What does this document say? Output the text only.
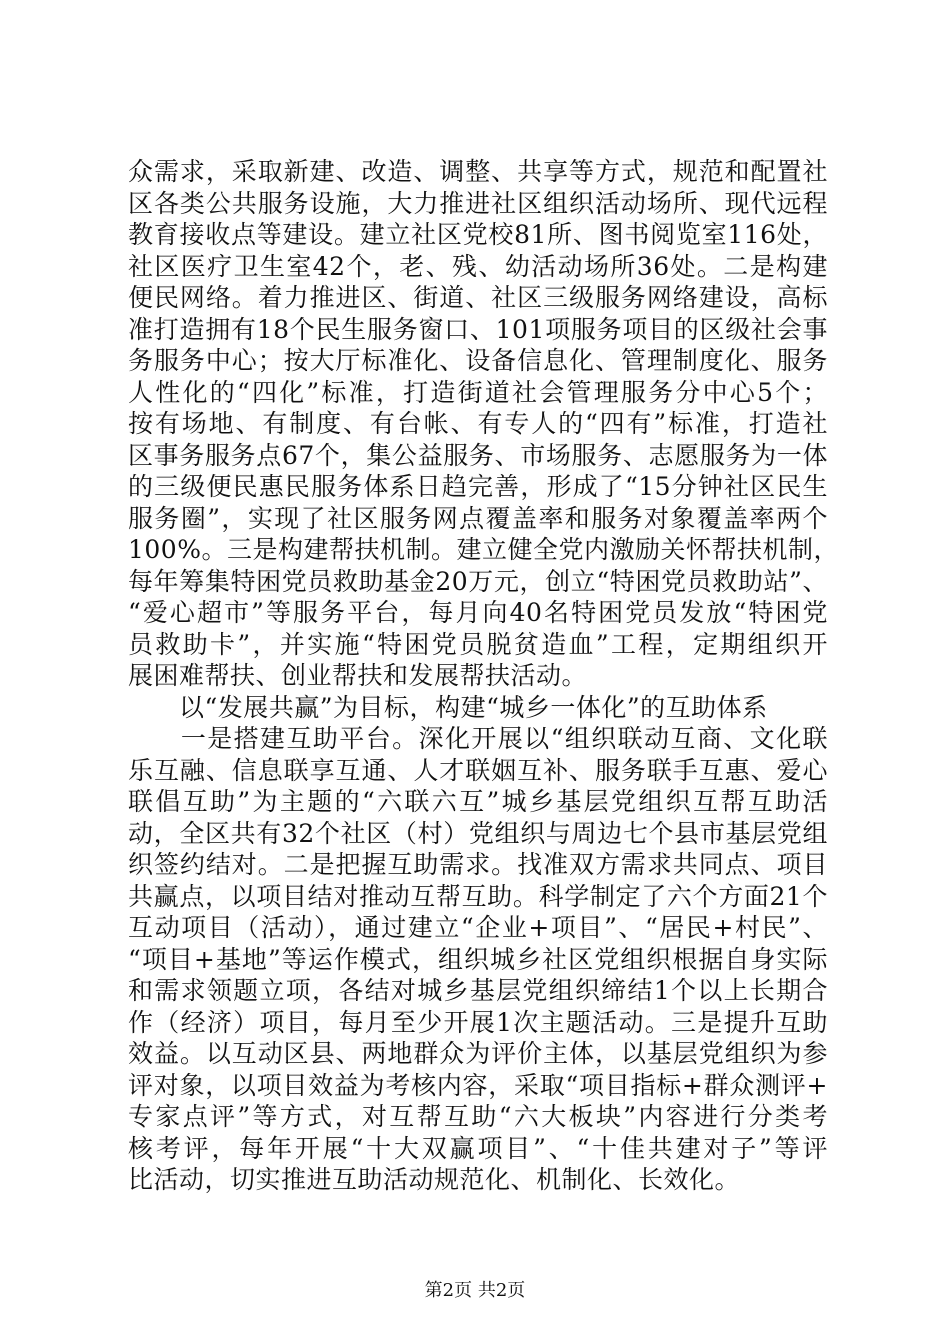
众需求，采取新建、改造、调整、共享等方式，规范和配置社
区各类公共服务设施，大力推进社区组织活动场所、现代远程
教育接收点等建设。建立社区党校81所、图书阅览室116处，
社区医疗卫生室42个，老、残、幼活动场所36处。二是构建
便民网络。着力推进区、街道、社区三级服务网络建设，高标
准打造拥有18个民生服务窗口、101项服务项目的区级社会事
务服务中心；按大厅标准化、设备信息化、管理制度化、服务
人性化的“四化”标准，打造街道社会管理服务分中心5个；
按有场地、有制度、有台帐、有专人的“四有”标准，打造社
区事务服务点67个，集公益服务、市场服务、志愿服务为一体
的三级便民惠民服务体系日趋完善，形成了“15分钟社区民生
服务圈”，实现了社区服务网点覆盖率和服务对象覆盖率两个
100%。三是构建帮扶机制。建立健全党内激励关怀帮扶机制，
每年筹集特困党员救助基金20万元，创立“特困党员救助站”、
“爱心超市”等服务平台，每月向40名特困党员发放“特困党
员救助卡”，并实施“特困党员脱贫造血”工程，定期组织开
展困难帮扶、创业帮扶和发展帮扶活动。
　　以“发展共赢”为目标，构建“城乡一体化”的互助体系
　　一是搭建互助平台。深化开展以“组织联动互商、文化联
乐互融、信息联享互通、人才联姻互补、服务联手互惠、爱心
联倡互助”为主题的“六联六互”城乡基层党组织互帮互助活
动，全区共有32个社区（村）党组织与周边七个县市基层党组
织签约结对。二是把握互助需求。找准双方需求共同点、项目
共赢点，以项目结对推动互帮互助。科学制定了六个方面21个
互动项目（活动），通过建立“企业+项目”、“居民+村民”、
“项目+基地”等运作模式，组织城乡社区党组织根据自身实际
和需求领题立项，各结对城乡基层党组织缔结1个以上长期合
作（经济）项目，每月至少开展1次主题活动。三是提升互助
效益。以互动区县、两地群众为评价主体，以基层党组织为参
评对象，以项目效益为考核内容，采取“项目指标+群众测评+
专家点评”等方式，对互帮互助“六大板块”内容进行分类考
核考评，每年开展“十大双赢项目”、“十佳共建对子”等评
比活动，切实推进互助活动规范化、机制化、长效化。
第2页 共2页
